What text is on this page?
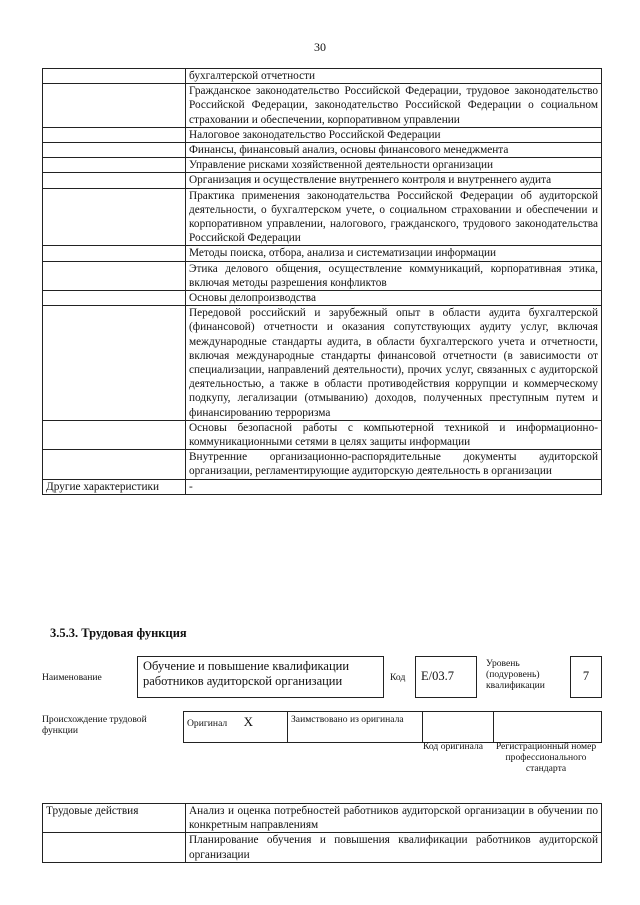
30
	бухгалтерской отчетности
	Гражданское законодательство Российской Федерации, трудовое законодательство Российской Федерации, законодательство Российской Федерации о социальном страховании и обеспечении, корпоративном управлении
	Налоговое законодательство Российской Федерации
	Финансы, финансовый анализ, основы финансового менеджмента
	Управление рисками хозяйственной деятельности организации
	Организация и осуществление внутреннего контроля и внутреннего аудита
	Практика применения законодательства Российской Федерации об аудиторской деятельности, о бухгалтерском учете, о социальном страховании и обеспечении и корпоративном управлении, налогового, гражданского, трудового законодательства Российской Федерации
	Методы поиска, отбора, анализа и систематизации информации
	Этика делового общения, осуществление коммуникаций, корпоративная этика, включая методы разрешения конфликтов
	Основы делопроизводства
	Передовой российский и зарубежный опыт в области аудита бухгалтерской (финансовой) отчетности и оказания сопутствующих аудиту услуг, включая международные стандарты аудита, в области бухгалтерского учета и отчетности, включая международные стандарты финансовой отчетности (в зависимости от специализации, направлений деятельности), прочих услуг, связанных с аудиторской деятельностью, а также в области противодействия коррупции и коммерческому подкупу, легализации (отмыванию) доходов, полученных преступным путем и финансированию терроризма
	Основы безопасной работы с компьютерной техникой и информационно-коммуникационными сетями в целях защиты информации
	Внутренние организационно-распорядительные документы аудиторской организации, регламентирующие аудиторскую деятельность в организации
Другие характеристики	-
3.5.3. Трудовая функция
Наименование
Обучение и повышение квалификации работников аудиторской организации	Код	E/03.7
Уровень (подуровень) квалификации
7
Происхождение трудовой функции
Оригинал X	Заимствовано из оригинала		
Код оригинала	Регистрационный номер профессионального стандарта
Трудовые действия	Анализ и оценка потребностей работников аудиторской организации в обучении по конкретным направлениям
	Планирование обучения и повышения квалификации работников аудиторской организации
